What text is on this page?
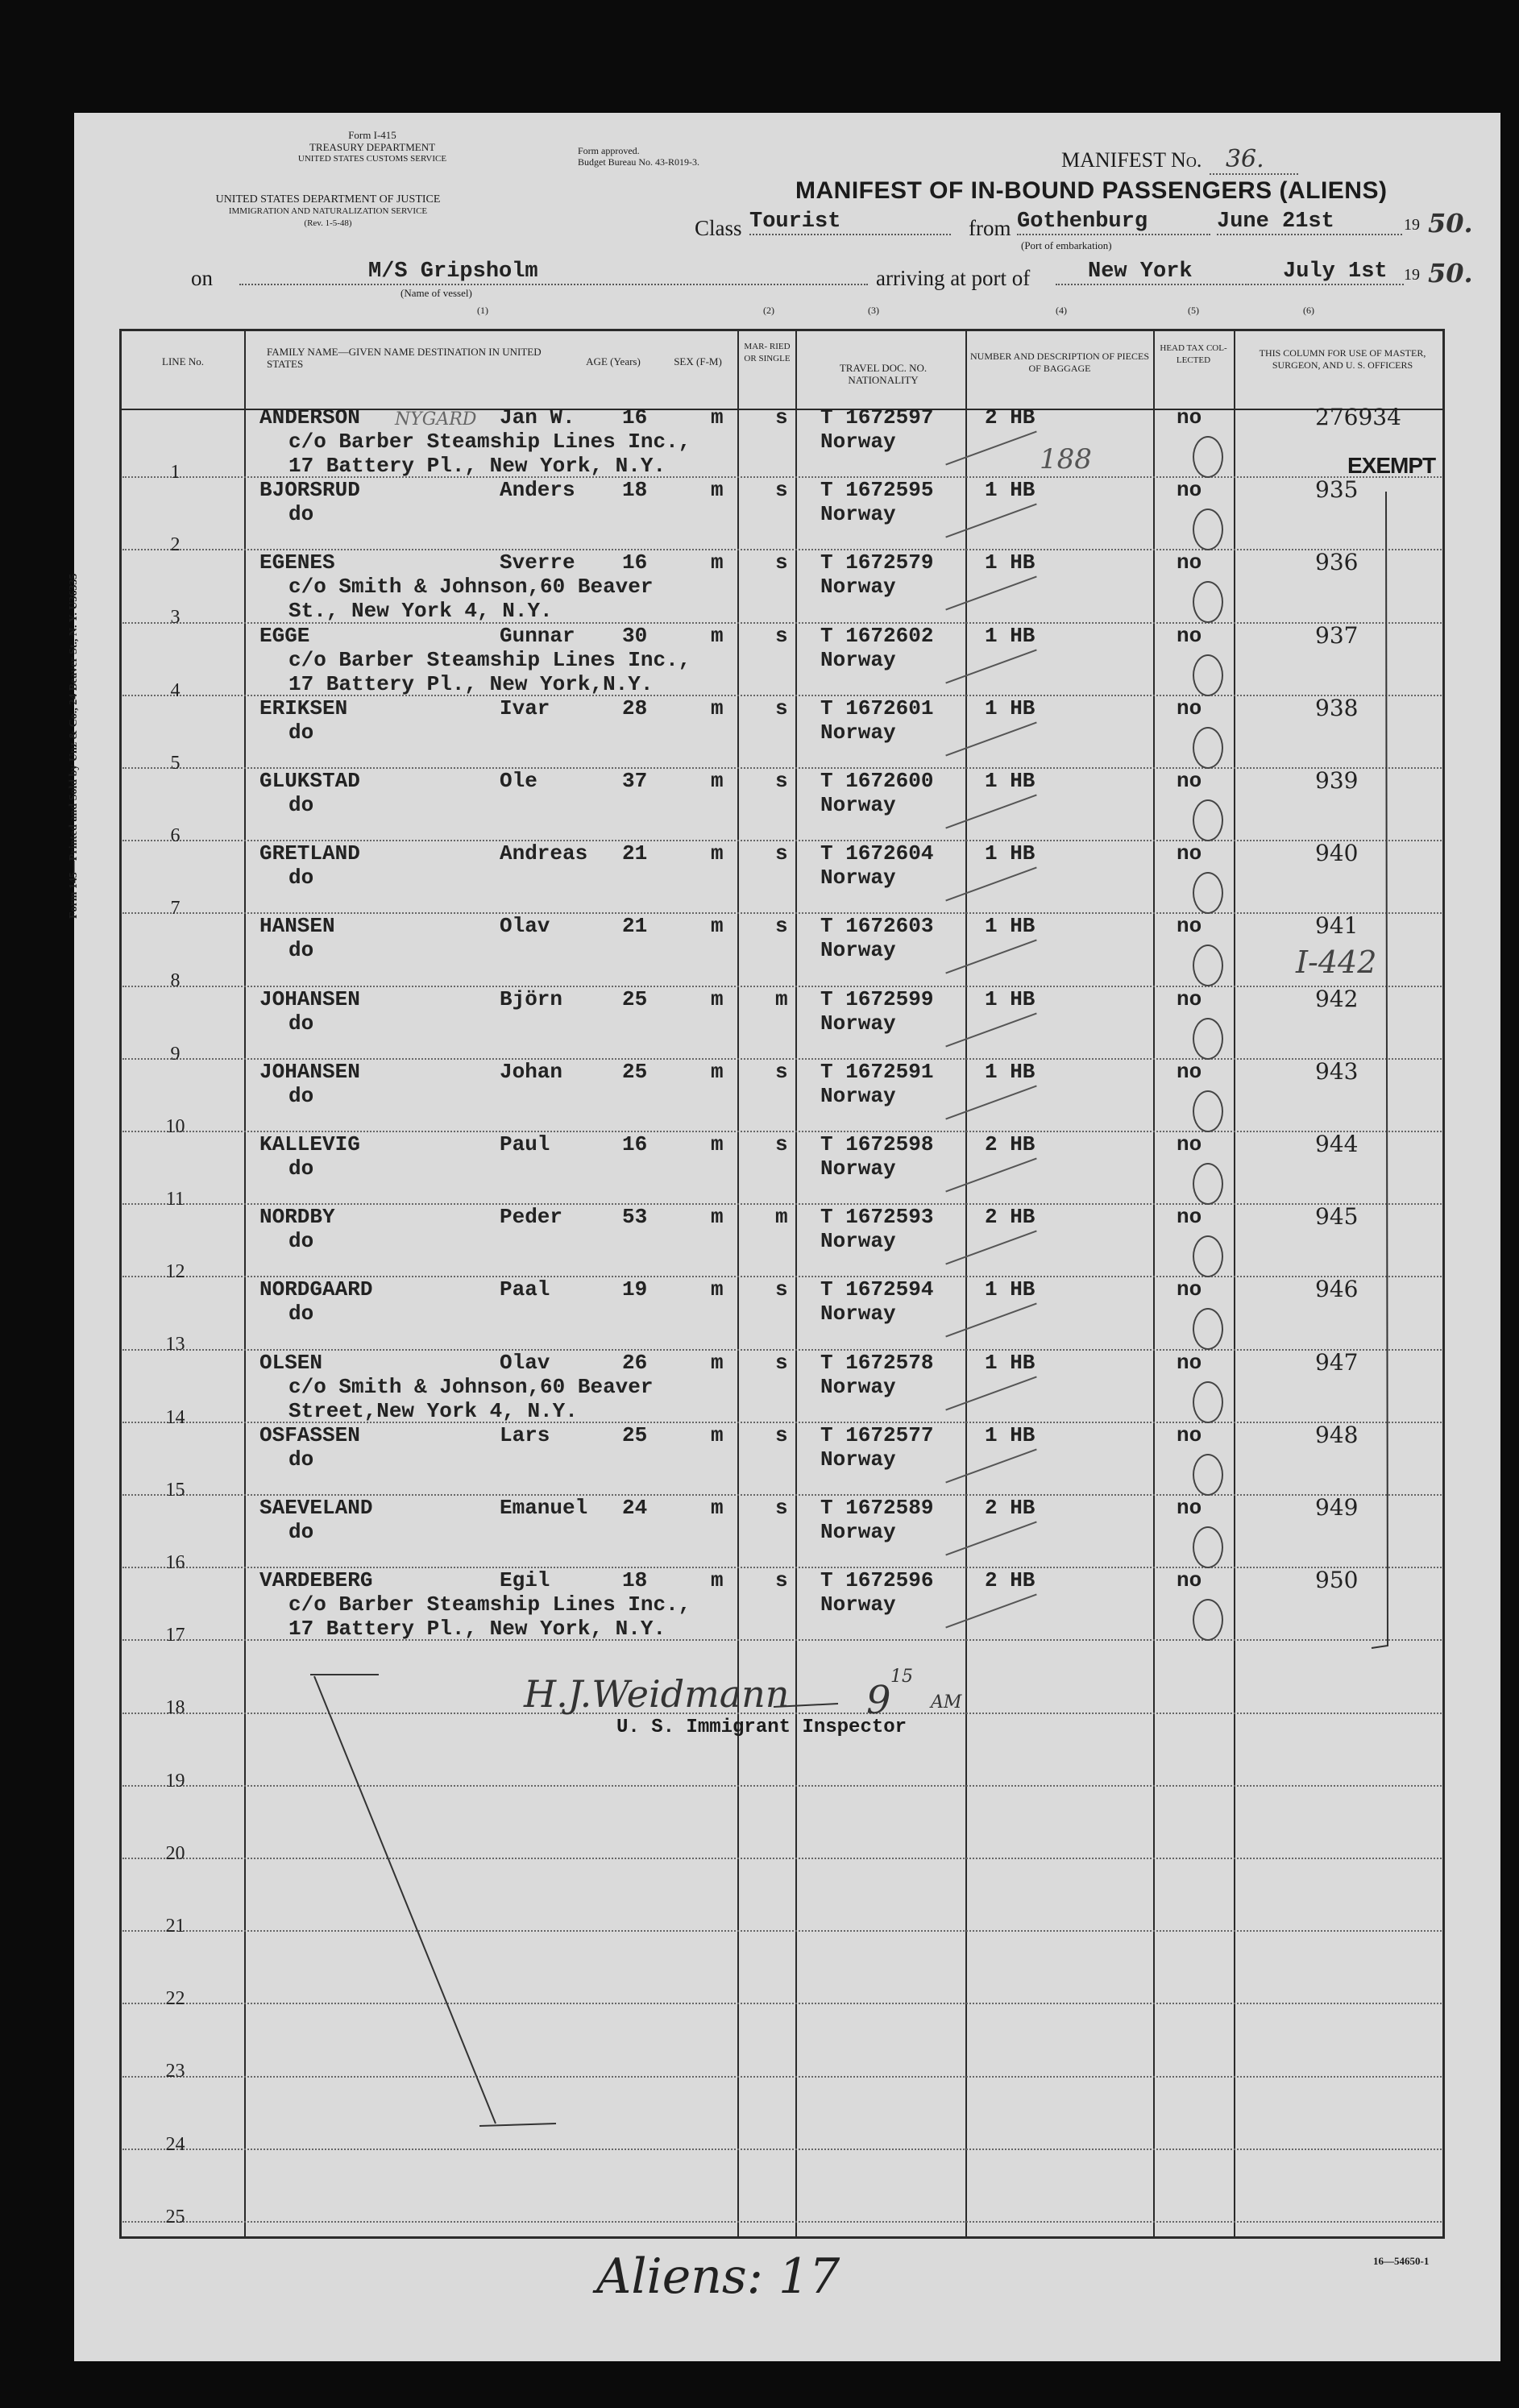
Form I-415
TREASURY DEPARTMENT
UNITED STATES CUSTOMS SERVICE
Form approved.
Budget Bureau No. 43-R019-3.
UNITED STATES DEPARTMENT OF JUSTICE
IMMIGRATION AND NATURALIZATION SERVICE
(Rev. 1-5-48)
MANIFEST No. 36.
MANIFEST OF IN-BOUND PASSENGERS (ALIENS)
Class Tourist	from Gothenburg
(Port of embarkation)
June 21st	19 50.
on	M/S Gripsholm
(Name of vessel)
(1)
arriving at port of	New York	July 1st	19 50.
(2)	(3)	(4)	(5)	(6)
Form 145—Printed and Sold by Unz & Co., 24 Beaver St., N. Y. U36335
16—54650-1
LINE No.
FAMILY NAME—GIVEN NAME DESTINATION IN UNITED STATES	AGE (Years)	SEX (F-M)
MAR- RIED OR SINGLE
TRAVEL DOC. NO. NATIONALITY
NUMBER AND DESCRIPTION OF PIECES OF BAGGAGE
HEAD TAX COL- LECTED
THIS COLUMN FOR USE OF MASTER, SURGEON, AND U. S. OFFICERS
1
ANDERSON	Jan W. 16	m s
c/o Barber Steamship Lines Inc.,
17 Battery Pl., New York, N.Y.
T 1672597
Norway
2 HB	no	276934
2
BJORSRUD	Anders 18	m s
do
T 1672595
Norway
1 HB	no	935
3
EGENES	Sverre 16	m s
c/o Smith & Johnson,60 Beaver
St., New York 4, N.Y.
T 1672579
Norway
1 HB	no	936
4
EGGE	Gunnar 30	m s
c/o Barber Steamship Lines Inc.,
17 Battery Pl., New York,N.Y.
T 1672602
Norway
1 HB	no	937
5
ERIKSEN	Ivar	28	m s
do
T 1672601
Norway
1 HB	no	938
6
GLUKSTAD	Ole	37	m s
do
T 1672600
Norway
1 HB	no	939
7
GRETLAND	Andreas 21	m s
do
T 1672604
Norway
1 HB	no	940
8
HANSEN	Olav	21	m s
do
T 1672603
Norway
1 HB	no	941
9
JOHANSEN	Björn	25	m m
do
T 1672599
Norway
1 HB	no	942
10
JOHANSEN	Johan	25	m s
do
T 1672591
Norway
1 HB	no	943
11
KALLEVIG	Paul	16	m s
do
T 1672598
Norway
2 HB	no	944
12
NORDBY	Peder	53	m m
do
T 1672593
Norway
2 HB	no	945
13
NORDGAARD	Paal	19	m s
do
T 1672594
Norway
1 HB	no	946
14
OLSEN	Olav	26	m s
c/o Smith & Johnson,60 Beaver
Street,New York 4, N.Y.
T 1672578
Norway
1 HB	no	947
15
OSFASSEN	Lars	25	m s
do
T 1672577
Norway
1 HB	no	948
16
SAEVELAND	Emanuel 24	m s
do
T 1672589
Norway
2 HB	no	949
17
VARDEBERG	Egil	18	m s
c/o Barber Steamship Lines Inc.,
17 Battery Pl., New York, N.Y.
T 1672596
Norway
2 HB	no	950
18
19
20
21
22
23
24
25
NYGARD
188	EXEMPT
I-442
H.J.Weidmann 9
15
AM
U. S. Immigrant Inspector
Aliens: 17
